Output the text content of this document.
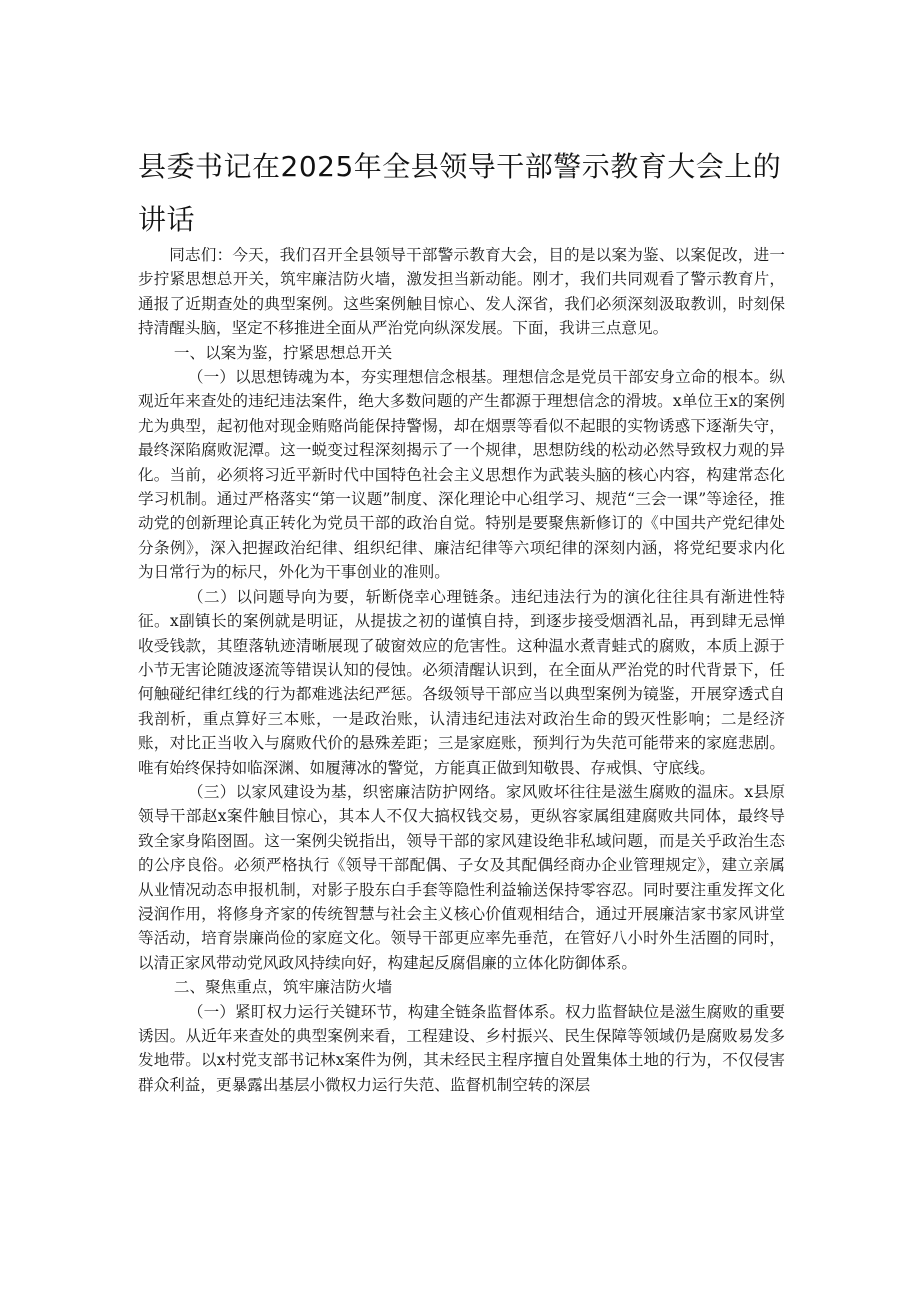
县委书记在2025年全县领导干部警示教育大会上的讲话

同志们：今天，我们召开全县领导干部警示教育大会，目的是以案为鉴、以案促改，进一步拧紧思想总开关，筑牢廉洁防火墙，激发担当新动能。刚才，我们共同观看了警示教育片，通报了近期查处的典型案例。这些案例触目惊心、发人深省，我们必须深刻汲取教训，时刻保持清醒头脑，坚定不移推进全面从严治党向纵深发展。下面，我讲三点意见。

一、以案为鉴，拧紧思想总开关

（一）以思想铸魂为本，夯实理想信念根基。理想信念是党员干部安身立命的根本。纵观近年来查处的违纪违法案件，绝大多数问题的产生都源于理想信念的滑坡。x单位王x的案例尤为典型，起初他对现金贿赂尚能保持警惕，却在烟票等看似不起眼的实物诱惑下逐渐失守，最终深陷腐败泥潭。这一蜕变过程深刻揭示了一个规律，思想防线的松动必然导致权力观的异化。当前，必须将习近平新时代中国特色社会主义思想作为武装头脑的核心内容，构建常态化学习机制。通过严格落实“第一议题”制度、深化理论中心组学习、规范“三会一课”等途径，推动党的创新理论真正转化为党员干部的政治自觉。特别是要聚焦新修订的《中国共产党纪律处分条例》，深入把握政治纪律、组织纪律、廉洁纪律等六项纪律的深刻内涵，将党纪要求内化为日常行为的标尺，外化为干事创业的准则。

（二）以问题导向为要，斩断侥幸心理链条。违纪违法行为的演化往往具有渐进性特征。x副镇长的案例就是明证，从提拔之初的谨慎自持，到逐步接受烟酒礼品，再到肆无忌惮收受钱款，其堕落轨迹清晰展现了破窗效应的危害性。这种温水煮青蛙式的腐败，本质上源于小节无害论随波逐流等错误认知的侵蚀。必须清醒认识到，在全面从严治党的时代背景下，任何触碰纪律红线的行为都难逃法纪严惩。各级领导干部应当以典型案例为镜鉴，开展穿透式自我剖析，重点算好三本账，一是政治账，认清违纪违法对政治生命的毁灭性影响；二是经济账，对比正当收入与腐败代价的悬殊差距；三是家庭账，预判行为失范可能带来的家庭悲剧。唯有始终保持如临深渊、如履薄冰的警觉，方能真正做到知敬畏、存戒惧、守底线。

（三）以家风建设为基，织密廉洁防护网络。家风败坏往往是滋生腐败的温床。x县原领导干部赵x案件触目惊心，其本人不仅大搞权钱交易，更纵容家属组建腐败共同体，最终导致全家身陷囹圄。这一案例尖锐指出，领导干部的家风建设绝非私域问题，而是关乎政治生态的公序良俗。必须严格执行《领导干部配偶、子女及其配偶经商办企业管理规定》，建立亲属从业情况动态申报机制，对影子股东白手套等隐性利益输送保持零容忍。同时要注重发挥文化浸润作用，将修身齐家的传统智慧与社会主义核心价值观相结合，通过开展廉洁家书家风讲堂等活动，培育崇廉尚俭的家庭文化。领导干部更应率先垂范，在管好八小时外生活圈的同时，以清正家风带动党风政风持续向好，构建起反腐倡廉的立体化防御体系。

二、聚焦重点，筑牢廉洁防火墙

（一）紧盯权力运行关键环节，构建全链条监督体系。权力监督缺位是滋生腐败的重要诱因。从近年来查处的典型案例来看，工程建设、乡村振兴、民生保障等领域仍是腐败易发多发地带。以x村党支部书记林x案件为例，其未经民主程序擅自处置集体土地的行为，不仅侵害群众利益，更暴露出基层小微权力运行失范、监督机制空转的深层
